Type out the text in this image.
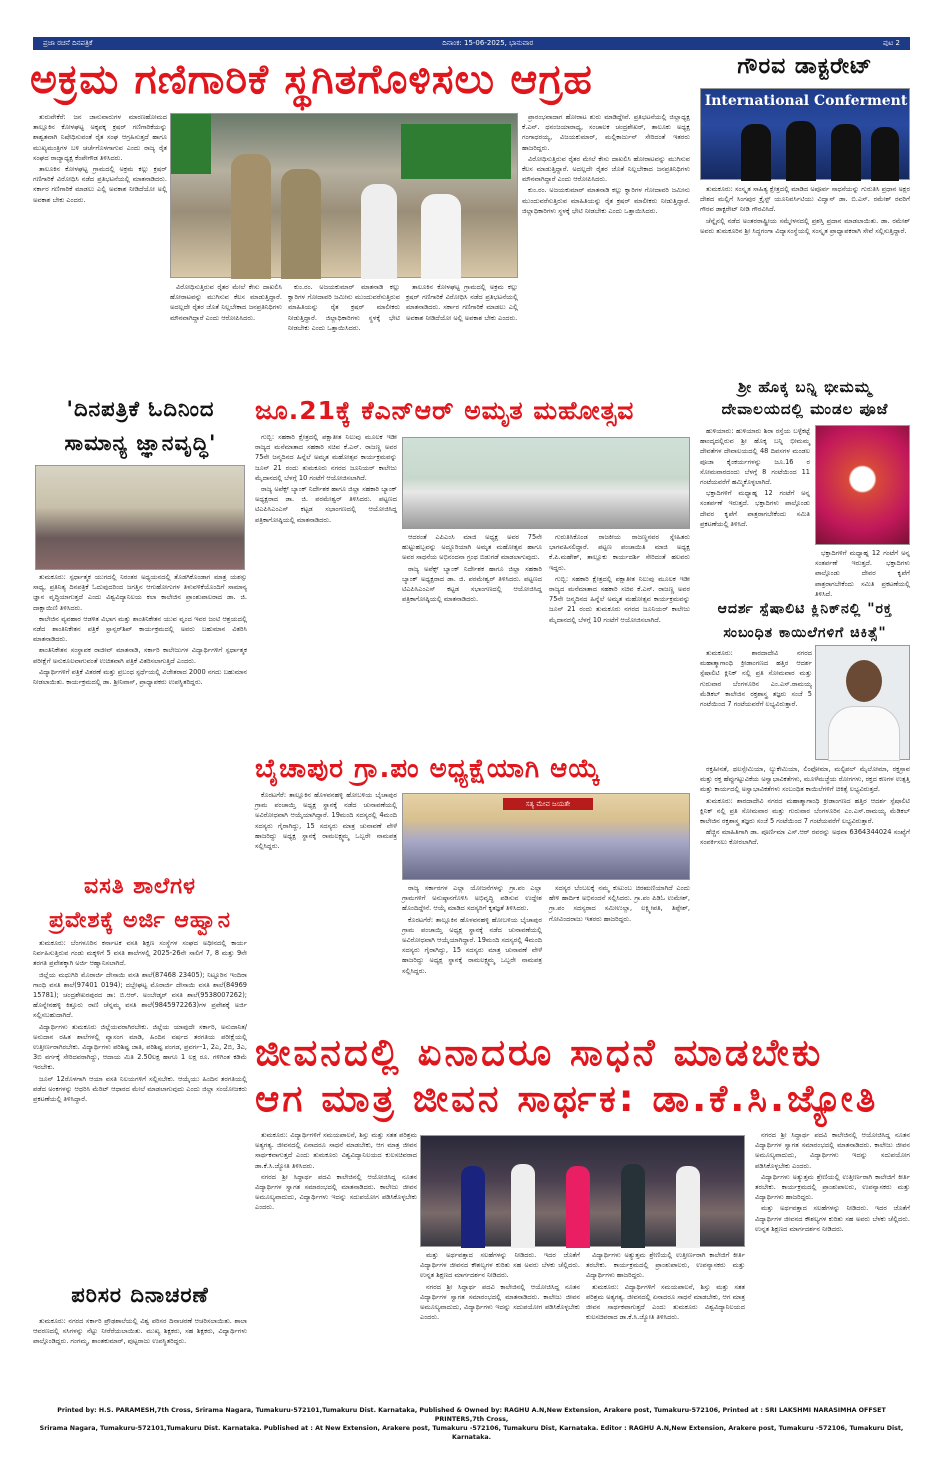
ಪ್ರಜಾ ರಚನೆ ದಿನಪತ್ರಿಕೆ	ದಿನಾಂಕ: 15-06-2025, ಭಾನುವಾರ	ಪುಟ 2
ಅಕ್ರಮ ಗಣಿಗಾರಿಕೆ ಸ್ಥಗಿತಗೊಳಿಸಲು ಆಗ್ರಹ

ತುರುವೇಕೆರೆ: ಜನ ಜಾನುವಾರುಗಳ ಮಾರಣಹೋಮದ ತಾಲ್ಲೂಕಿನ ಕೋಳಘಟ್ಟ ಅಕ್ಕಪಕ್ಕ ಕ್ರಷರ್ ಗಣಿಗಾರಿಕೆಯನ್ನು ಶಾಶ್ವತವಾಗಿ ನಿಷೇಧಿಸುವಂತೆ ರೈತ ಸಂಘ ಆಗ್ರಹಿಸುತ್ತದೆ ಹಾಗೂ ಮುಖ್ಯಮಂತ್ರಿಗಳ ಬಳಿ ಚರ್ಚೆಗೊಳಗಾಗುವ ಎಂದು ರಾಜ್ಯ ರೈತ ಸಂಘದ ರಾಜ್ಯಾಧ್ಯಕ್ಷ ಕೆಂಪೇಗೌಡ ತಿಳಿಸಿದರು.

ತಾಲೂಕಿನ ಕೋಳಘಟ್ಟ ಗ್ರಾಮದಲ್ಲಿ ಅಕ್ರಮ ಕಲ್ಲು ಕ್ರಷರ್ ಗಣಿಗಾರಿಕೆ ವಿರೋಧಿಸಿ ನಡೆದ ಪ್ರತಿಭಟನೆಯಲ್ಲಿ ಮಾತನಾಡಿದರು. ಸರ್ಕಾರ ಗಣಿಗಾರಿಕೆ ಮಾಡಲು ಎಲ್ಲಿ ಅವಕಾಶ ನೀಡಿದೆಯೋ ಅಲ್ಲಿ ಅವಕಾಶ ಬೇಕು ಎಂದರು.

ವಿರೋಧಿಸುತ್ತಿರುವ ರೈತರ ಮೇಲೆ ಕೇಸು ದಾಖಲಿಸಿ ಹೋರಾಟವನ್ನು ಮುಗಿಸುವ ಕೆಲಸ ಮಾಡುತ್ತಿದ್ದಾರೆ. ಅದಲ್ಲದೇ ರೈತರ ಜೊತೆ ನಿಲ್ಲಬೇಕಾದ ಜನಪ್ರತಿನಿಧಿಗಳು ಮೌನವಾಗಿದ್ದಾರೆ ಎಂದು ಆರೋಪಿಸಿದರು.

ಕುಂ.ರಂ. ಅಜಯಕುಮಾರ್ ಮಾತನಾಡಿ ಕಲ್ಲು ಕ್ವಾರಿಗಳ ಗೋದಾವರಿ ಜಮೀನು ಮುಂದುವರೆಸುತ್ತಿರುವ ಮಾಹಿತಿಯನ್ನು ರೈತ ಕ್ರಷರ್ ಮಾಲೀಕರು ನೀಡುತ್ತಿದ್ದಾರೆ. ಜಿಲ್ಲಾಧಿಕಾರಿಗಳು ಸ್ಥಳಕ್ಕೆ ಭೇಟಿ ನೀಡಬೇಕು ಎಂದು ಒತ್ತಾಯಿಸಿದರು.

ತಾಲೂಕಿನ ಕೋಳಘಟ್ಟ ಗ್ರಾಮದಲ್ಲಿ ಅಕ್ರಮ ಕಲ್ಲು ಕ್ರಷರ್ ಗಣಿಗಾರಿಕೆ ವಿರೋಧಿಸಿ ನಡೆದ ಪ್ರತಿಭಟನೆಯಲ್ಲಿ ಮಾತನಾಡಿದರು. ಸರ್ಕಾರ ಗಣಿಗಾರಿಕೆ ಮಾಡಲು ಎಲ್ಲಿ ಅವಕಾಶ ನೀಡಿದೆಯೋ ಅಲ್ಲಿ ಅವಕಾಶ ಬೇಕು ಎಂದರು.

ಪ್ರಾರಂಭವಾದಾಗ ಹೋರಾಟ ಶುರು ಮಾಡಿದ್ದೇವೆ. ಪ್ರತಿಭಟನೆಯಲ್ಲಿ ಜಿಲ್ಲಾಧ್ಯಕ್ಷ ಕೆ.ಎನ್. ಧನಂಜಯಾರಾಧ್ಯ, ಸಂಚಾಲಕ ಚಂದ್ರಶೇಖರ್, ತಾಲೂಕು ಅಧ್ಯಕ್ಷ ಗಂಗಾಧರಯ್ಯ, ವಿಜಯಕುಮಾರ್, ಮಲ್ಲಿಕಾರ್ಜುನ್ ಸೇರಿದಂತೆ ಇತರರು ಹಾಜರಿದ್ದರು.

ವಿರೋಧಿಸುತ್ತಿರುವ ರೈತರ ಮೇಲೆ ಕೇಸು ದಾಖಲಿಸಿ ಹೋರಾಟವನ್ನು ಮುಗಿಸುವ ಕೆಲಸ ಮಾಡುತ್ತಿದ್ದಾರೆ. ಅದಲ್ಲದೇ ರೈತರ ಜೊತೆ ನಿಲ್ಲಬೇಕಾದ ಜನಪ್ರತಿನಿಧಿಗಳು ಮೌನವಾಗಿದ್ದಾರೆ ಎಂದು ಆರೋಪಿಸಿದರು.

ಕುಂ.ರಂ. ಅಜಯಕುಮಾರ್ ಮಾತನಾಡಿ ಕಲ್ಲು ಕ್ವಾರಿಗಳ ಗೋದಾವರಿ ಜಮೀನು ಮುಂದುವರೆಸುತ್ತಿರುವ ಮಾಹಿತಿಯನ್ನು ರೈತ ಕ್ರಷರ್ ಮಾಲೀಕರು ನೀಡುತ್ತಿದ್ದಾರೆ. ಜಿಲ್ಲಾಧಿಕಾರಿಗಳು ಸ್ಥಳಕ್ಕೆ ಭೇಟಿ ನೀಡಬೇಕು ಎಂದು ಒತ್ತಾಯಿಸಿದರು.

ಗೌರವ ಡಾಕ್ಟರೇಟ್
International Conferment

ತುಮಕೂರು: ಸಂಸ್ಕೃತ ಸಾಹಿತ್ಯ ಕ್ಷೇತ್ರದಲ್ಲಿ ಮಾಡಿದ ಅಪೂರ್ವ ಸಾಧನೆಯನ್ನು ಗುರುತಿಸಿ ಪ್ರಧಾನ ಅಕ್ಷರ ದೇಶದ ಮಲ್ಲಿಗೆ ಸಿಂಗಪುರ ಕ್ರೈಸ್ಟ್ ಯೂನಿವರ್ಸಿಟಿಯು ವಿದ್ವಾನ್ ಡಾ. ಬಿ.ಎಸ್. ರಮೇಶ್ ರವರಿಗೆ ಗೌರವ ಡಾಕ್ಟರೇಟ್ ನೀಡಿ ಗೌರವಿಸಿದೆ.

ಚೆನ್ನೈನಲ್ಲಿ ನಡೆದ ಅಂತರರಾಷ್ಟ್ರೀಯ ಸಮ್ಮೇಳನದಲ್ಲಿ ಪ್ರಶಸ್ತಿ ಪ್ರದಾನ ಮಾಡಲಾಯಿತು. ಡಾ. ರಮೇಶ್ ಅವರು ತುಮಕೂರಿನ ಶ್ರೀ ಸಿದ್ಧಗಂಗಾ ವಿದ್ಯಾಸಂಸ್ಥೆಯಲ್ಲಿ ಸಂಸ್ಕೃತ ಪ್ರಾಧ್ಯಾಪಕರಾಗಿ ಸೇವೆ ಸಲ್ಲಿಸುತ್ತಿದ್ದಾರೆ.

ಶ್ರೀ ಹೊಕ್ಕ ಬನ್ನಿ ಭೀಮಮ್ಮ
ದೇವಾಲಯದಲ್ಲಿ ಮಂಡಲ ಪೂಜೆ

ಹುಳಿಯಾರು: ಹುಳಿಯಾರು ಶಿರಾ ರಸ್ತೆಯ ಬಳ್ಳೆಕಟ್ಟೆ ಹಾಂದ್ಕದಲ್ಲಿರುವ ಶ್ರೀ ಹೊಕ್ಕ ಬನ್ನಿ ಭೀಮಮ್ಮ ದೇವತೆಗಳ ದೇವಾಲಯದಲ್ಲಿ 48 ದಿವಸಗಳ ಮಂಡಲ ಪೂಜಾ ಕೈಂಕರ್ಯಗಳನ್ನು ಜೂ.16 ರ ಸೋಮವಾರದಂದು ಬೆಳಗ್ಗೆ 8 ಗಂಟೆಯಿಂದ 11 ಗಂಟೆಯವರೆಗೆ ಹಮ್ಮಿಕೊಳ್ಳಲಾಗಿದೆ.

ಭಕ್ತಾದಿಗಳಿಗೆ ಮಧ್ಯಾಹ್ನ 12 ಗಂಟೆಗೆ ಅನ್ನ ಸಂತರ್ಪಣೆ ಇರುತ್ತದೆ. ಭಕ್ತಾದಿಗಳು ಪಾಲ್ಗೊಂಡು ದೇವರ ಕೃಪೆಗೆ ಪಾತ್ರರಾಗಬೇಕೆಂದು ಸಮಿತಿ ಪ್ರಕಟಣೆಯಲ್ಲಿ ತಿಳಿಸಿದೆ.

ಭಕ್ತಾದಿಗಳಿಗೆ ಮಧ್ಯಾಹ್ನ 12 ಗಂಟೆಗೆ ಅನ್ನ ಸಂತರ್ಪಣೆ ಇರುತ್ತದೆ. ಭಕ್ತಾದಿಗಳು ಪಾಲ್ಗೊಂಡು ದೇವರ ಕೃಪೆಗೆ ಪಾತ್ರರಾಗಬೇಕೆಂದು ಸಮಿತಿ ಪ್ರಕಟಣೆಯಲ್ಲಿ ತಿಳಿಸಿದೆ.

'ದಿನಪತ್ರಿಕೆ ಓದಿನಿಂದ
ಸಾಮಾನ್ಯ ಜ್ಞಾನವೃದ್ಧಿ'

ತುಮಕೂರು: ಸ್ಪರ್ಧಾತ್ಮಕ ಯುಗದಲ್ಲಿ ನಿರಂತರ ಅಧ್ಯಯನದಲ್ಲಿ ತೊಡಗಿಕೊಂಡಾಗ ಮಾತ್ರ ಯಶಸ್ಸು ಸಾಧ್ಯ, ಪ್ರತಿನಿತ್ಯ ದಿನಪತ್ರಿಕೆ ಓದುವುದರಿಂದ ಜಗತ್ತಿನ ಆಗುಹೋಗುಗಳ ತಿಳುವಳಿಕೆಯೊಂದಿಗೆ ಸಾಮಾನ್ಯ ಜ್ಞಾನ ವೃದ್ಧಿಯಾಗುತ್ತದೆ ಎಂದು ವಿಶ್ವವಿದ್ಯಾನಿಲಯ ಕಲಾ ಕಾಲೇಜಿನ ಪ್ರಾಂಶುಪಾಲರಾದ ಡಾ. ಜಿ. ದಾಕ್ಷಾಯಿಣಿ ತಿಳಿಸಿದರು.

ಕಾಲೇಜಿನ ವ್ಯವಹಾರ ಆಡಳಿತ ವಿಭಾಗ ಮತ್ತು ಶಾಂತಿನಿಕೇತನ ಯುವ ವೃಂದ ಇವರ ಜಂಟಿ ಆಶ್ರಯದಲ್ಲಿ ನಡೆದ ಶಾಂತಿನಿಕೇತನ ಪತ್ರಿಕೆ ಸ್ಪಾನ್ಸರ್‌ಶಿಪ್ ಕಾರ್ಯಕ್ರಮದಲ್ಲಿ ಅವರು ಬಹುಮಾನ ವಿತರಿಸಿ ಮಾತನಾಡಿದರು.

ಶಾಂತಿನಿಕೇತನ ಸಂಸ್ಥಾಪಕ ರಾಜೀವ್ ಮಾತನಾಡಿ, ಸರ್ಕಾರಿ ಕಾಲೇಜುಗಳ ವಿದ್ಯಾರ್ಥಿಗಳಿಗೆ ಸ್ಪರ್ಧಾತ್ಮಕ ಪರೀಕ್ಷೆಗೆ ಅನುಕೂಲವಾಗುವಂತೆ ಉಚಿತವಾಗಿ ಪತ್ರಿಕೆ ವಿತರಿಸಲಾಗುತ್ತಿದೆ ಎಂದರು.

ವಿದ್ಯಾರ್ಥಿಗಳಿಗೆ ಪತ್ರಿಕೆ ವಿತರಣೆ ಮತ್ತು ಪ್ರಬಂಧ ಸ್ಪರ್ಧೆಯಲ್ಲಿ ವಿಜೇತರಾದ 2000 ನಗದು ಬಹುಮಾನ ನೀಡಲಾಯಿತು. ಕಾರ್ಯಕ್ರಮದಲ್ಲಿ ಡಾ. ಶ್ರೀನಿವಾಸ್, ಪ್ರಾಧ್ಯಾಪಕರು ಉಪಸ್ಥಿತರಿದ್ದರು.

ಜೂ.21ಕ್ಕೆ ಕೆಎನ್‌ಆರ್ ಅಮೃತ ಮಹೋತ್ಸವ

ಗುಬ್ಬಿ: ಸಹಕಾರಿ ಕ್ಷೇತ್ರದಲ್ಲಿ ಪಕ್ಷಾತೀತ ನಿಲುವು ಮೂಲಕ ಇಡೀ ರಾಜ್ಯದ ಮನೆಮಾತಾದ ಸಹಕಾರಿ ಸಚಿವ ಕೆ.ಎನ್. ರಾಜಣ್ಣ ಅವರ 75ನೇ ಜನ್ಮದಿನದ ಹಿನ್ನೆಲೆ ಅಮೃತ ಮಹೋತ್ಸವ ಕಾರ್ಯಕ್ರಮವನ್ನು ಜೂನ್ 21 ರಂದು ತುಮಕೂರು ನಗರದ ಜೂನಿಯರ್ ಕಾಲೇಜು ಮೈದಾನದಲ್ಲಿ ಬೆಳಗ್ಗೆ 10 ಗಂಟೆಗೆ ಆಯೋಜಿಸಲಾಗಿದೆ.

ರಾಜ್ಯ ಅಪೆಕ್ಸ್ ಬ್ಯಾಂಕ್ ನಿರ್ದೇಶಕ ಹಾಗೂ ಜಿಲ್ಲಾ ಸಹಕಾರಿ ಬ್ಯಾಂಕ್ ಅಧ್ಯಕ್ಷರಾದ ಡಾ. ಜಿ. ಪರಮೇಶ್ವರ್ ತಿಳಿಸಿದರು. ಪಟ್ಟಣದ ಟಿಎಪಿಸಿಎಂಎಸ್ ಕಟ್ಟಡ ಸಭಾಂಗಣದಲ್ಲಿ ಆಯೋಜಿಸಿದ್ದ ಪತ್ರಿಕಾಗೋಷ್ಠಿಯಲ್ಲಿ ಮಾತನಾಡಿದರು.

ಆದರಂತೆ ಎಪಿಎಂಸಿ ಮಾಜಿ ಅಧ್ಯಕ್ಷ ಅವರ 75ನೇ ಹುಟ್ಟುಹಬ್ಬವನ್ನು ಅದ್ದೂರಿಯಾಗಿ ಅಮೃತ ಮಹೋತ್ಸವ ಹಾಗೂ ಅವರ ಸಾಧನೆಯ ಅಭಿನಂದನಾ ಗ್ರಂಥ ಬಿಡುಗಡೆ ಮಾಡಲಾಗುವುದು.

ರಾಜ್ಯ ಅಪೆಕ್ಸ್ ಬ್ಯಾಂಕ್ ನಿರ್ದೇಶಕ ಹಾಗೂ ಜಿಲ್ಲಾ ಸಹಕಾರಿ ಬ್ಯಾಂಕ್ ಅಧ್ಯಕ್ಷರಾದ ಡಾ. ಜಿ. ಪರಮೇಶ್ವರ್ ತಿಳಿಸಿದರು. ಪಟ್ಟಣದ ಟಿಎಪಿಸಿಎಂಎಸ್ ಕಟ್ಟಡ ಸಭಾಂಗಣದಲ್ಲಿ ಆಯೋಜಿಸಿದ್ದ ಪತ್ರಿಕಾಗೋಷ್ಠಿಯಲ್ಲಿ ಮಾತನಾಡಿದರು.

ಗುರುತಿಸಿಕೊಂಡ ರಾಜಕೀಯ ರಾಜಣ್ಣನವರ ಸ್ನೇಹಿತರು ಭಾಗವಹಿಸಲಿದ್ದಾರೆ. ಪಟ್ಟಣ ಪಂಚಾಯಿತಿ ಮಾಜಿ ಅಧ್ಯಕ್ಷ ಕೆ.ಪಿ.ಮಹೇಶ್, ತಾಲ್ಲೂಕು ಕಾರ್ಯದರ್ಶಿ ಸೇರಿದಂತೆ ಹಲವರು ಇದ್ದರು.

ಗುಬ್ಬಿ: ಸಹಕಾರಿ ಕ್ಷೇತ್ರದಲ್ಲಿ ಪಕ್ಷಾತೀತ ನಿಲುವು ಮೂಲಕ ಇಡೀ ರಾಜ್ಯದ ಮನೆಮಾತಾದ ಸಹಕಾರಿ ಸಚಿವ ಕೆ.ಎನ್. ರಾಜಣ್ಣ ಅವರ 75ನೇ ಜನ್ಮದಿನದ ಹಿನ್ನೆಲೆ ಅಮೃತ ಮಹೋತ್ಸವ ಕಾರ್ಯಕ್ರಮವನ್ನು ಜೂನ್ 21 ರಂದು ತುಮಕೂರು ನಗರದ ಜೂನಿಯರ್ ಕಾಲೇಜು ಮೈದಾನದಲ್ಲಿ ಬೆಳಗ್ಗೆ 10 ಗಂಟೆಗೆ ಆಯೋಜಿಸಲಾಗಿದೆ.

ಆದರ್ಶ ಸ್ಪೆಷಾಲಿಟಿ ಕ್ಲಿನಿಕ್‌ನಲ್ಲಿ "ರಕ್ತ
ಸಂಬಂಧಿತ ಕಾಯಿಲೆಗಳಿಗೆ ಚಿಕಿತ್ಸೆ"

ತುಮಕೂರು: ಶಾರದಾದೇವಿ ನಗರದ ಮಹಾತ್ಮಾಗಾಂಧಿ ಕ್ರೀಡಾಂಗಣದ ಹತ್ತಿರ ಆದರ್ಶ ಸ್ಪೆಷಾಲಿಟಿ ಕ್ಲಿನಿಕ್ ನಲ್ಲಿ ಪ್ರತಿ ಸೋಮವಾರ ಮತ್ತು ಗುರುವಾರ ಬೆಂಗಳೂರಿನ ಎಂ.ಎಸ್.ರಾಮಯ್ಯ ಮೆಡಿಕಲ್ ಕಾಲೇಜಿನ ರಕ್ತಶಾಸ್ತ್ರ ತಜ್ಞರು ಸಂಜೆ 5 ಗಂಟೆಯಿಂದ 7 ಗಂಟೆಯವರೆಗೆ ಲಭ್ಯವಿರುತ್ತಾರೆ.

ರಕ್ತಹೀನತೆ, ಥಲಸ್ಸೇಮಿಯಾ, ಲ್ಯುಕೇಮಿಯಾ, ಲಿಂಫೋಮಾ, ಮಲ್ಟಿಪಲ್ ಮೈಲೋಮಾ, ರಕ್ತಸ್ರಾವ ಮತ್ತು ರಕ್ತ ಹೆಪ್ಪುಗಟ್ಟುವಿಕೆಯ ಅಸ್ವಾಭಾವಿಕತೆಗಳು, ಮೂಳೆಮಜ್ಜೆಯ ರೋಗಗಳು, ರಕ್ತದ ಕಣಗಳ ಉತ್ಪತ್ತಿ ಮತ್ತು ಕಾರ್ಯದಲ್ಲಿ ಅಸ್ವಾಭಾವಿಕತೆಗಳು ಸಂಬಂಧಿತ ಕಾಯಿಲೆಗಳಿಗೆ ಚಿಕಿತ್ಸೆ ಲಭ್ಯವಿರುತ್ತದೆ.

ತುಮಕೂರು: ಶಾರದಾದೇವಿ ನಗರದ ಮಹಾತ್ಮಾಗಾಂಧಿ ಕ್ರೀಡಾಂಗಣದ ಹತ್ತಿರ ಆದರ್ಶ ಸ್ಪೆಷಾಲಿಟಿ ಕ್ಲಿನಿಕ್ ನಲ್ಲಿ ಪ್ರತಿ ಸೋಮವಾರ ಮತ್ತು ಗುರುವಾರ ಬೆಂಗಳೂರಿನ ಎಂ.ಎಸ್.ರಾಮಯ್ಯ ಮೆಡಿಕಲ್ ಕಾಲೇಜಿನ ರಕ್ತಶಾಸ್ತ್ರ ತಜ್ಞರು ಸಂಜೆ 5 ಗಂಟೆಯಿಂದ 7 ಗಂಟೆಯವರೆಗೆ ಲಭ್ಯವಿರುತ್ತಾರೆ.

ಹೆಚ್ಚಿನ ಮಾಹಿತಿಗಾಗಿ ಡಾ. ಪೂರ್ಣಿಮಾ ಎಸ್.ಆರ್ ರವರನ್ನು ಅಥವಾ 6364344024 ಸಂಖ್ಯೆಗೆ ಸಂಪರ್ಕಿಸಲು ಕೋರಲಾಗಿದೆ.

ಬೈಚಾಪುರ ಗ್ರಾ.ಪಂ ಅಧ್ಯಕ್ಷೆಯಾಗಿ ಆಯ್ಕೆ

ಕೊರಟಗೆರೆ: ತಾಲ್ಲೂಕಿನ ಹೊಳವನಹಳ್ಳಿ ಹೋಬಳಿಯ ಬೈಚಾಪುರ ಗ್ರಾಮ ಪಂಚಾಯ್ತಿ ಅಧ್ಯಕ್ಷ ಸ್ಥಾನಕ್ಕೆ ನಡೆದ ಚುನಾವಣೆಯಲ್ಲಿ ಅವಿರೋಧವಾಗಿ ಆಯ್ಕೆಯಾಗಿದ್ದಾರೆ. 19ಮಂದಿ ಸದಸ್ಯರಲ್ಲಿ 4ಮಂದಿ ಸದಸ್ಯರು ಗೈರಾಗಿದ್ದು, 15 ಸದಸ್ಯರು ಮಾತ್ರ ಚುನಾವಣೆ ವೇಳೆ ಹಾಜರಿದ್ದು ಅಧ್ಯಕ್ಷ ಸ್ಥಾನಕ್ಕೆ ರಾಮಲಕ್ಷ್ಮಮ್ಮ ಒಬ್ಬರೇ ನಾಮಪತ್ರ ಸಲ್ಲಿಸಿದ್ದರು.

ಸತ್ಯ ಮೇವ ಜಯತೇ

ರಾಜ್ಯ ಸರ್ಕಾರಗಳ ಎಲ್ಲಾ ಯೋಜನೆಗಳನ್ನು ಗ್ರಾ.ಪಂ ಎಲ್ಲಾ ಗ್ರಾಮಗಳಿಗೆ ಅನುಷ್ಠಾನಗೊಳಿಸಿ ಅಭಿವೃದ್ಧಿ ಪಡಿಸುವ ಉದ್ದೇಶ ಹೊಂದಿದ್ದೇನೆ. ಆಯ್ಕೆ ಮಾಡಿದ ಸದಸ್ಯರಿಗೆ ಕೃತಜ್ಞತೆ ತಿಳಿಸಿದರು.

ಕೊರಟಗೆರೆ: ತಾಲ್ಲೂಕಿನ ಹೊಳವನಹಳ್ಳಿ ಹೋಬಳಿಯ ಬೈಚಾಪುರ ಗ್ರಾಮ ಪಂಚಾಯ್ತಿ ಅಧ್ಯಕ್ಷ ಸ್ಥಾನಕ್ಕೆ ನಡೆದ ಚುನಾವಣೆಯಲ್ಲಿ ಅವಿರೋಧವಾಗಿ ಆಯ್ಕೆಯಾಗಿದ್ದಾರೆ. 19ಮಂದಿ ಸದಸ್ಯರಲ್ಲಿ 4ಮಂದಿ ಸದಸ್ಯರು ಗೈರಾಗಿದ್ದು, 15 ಸದಸ್ಯರು ಮಾತ್ರ ಚುನಾವಣೆ ವೇಳೆ ಹಾಜರಿದ್ದು ಅಧ್ಯಕ್ಷ ಸ್ಥಾನಕ್ಕೆ ರಾಮಲಕ್ಷ್ಮಮ್ಮ ಒಬ್ಬರೇ ನಾಮಪತ್ರ ಸಲ್ಲಿಸಿದ್ದರು.

ಸದಸ್ಯರ ಬೆಂಬಲಕ್ಕೆ ನಮ್ಮ ಕುಟುಂಬ ಚಿರಋಣಿಯಾಗಿದೆ ಎಂದು ಹೇಳಿ ಹಾರ್ದಿಕ ಅಭಿನಂದನೆ ಸಲ್ಲಿಸಿದರು. ಗ್ರಾ.ಪಂ ಪಿಡಿಓ ಉಮೇಶ್, ಗ್ರಾ.ಪಂ ಸದಸ್ಯರಾದ ಸಮೀಉಲ್ಲಾ, ಲಕ್ಷ್ಮೀಪತಿ, ತಿಪ್ಪೇಶ್, ಗೋವಿಂದರಾಜು ಇತರರು ಹಾಜರಿದ್ದರು.

ವಸತಿ ಶಾಲೆಗಳ
ಪ್ರವೇಶಕ್ಕೆ ಅರ್ಜಿ ಆಹ್ವಾನ

ತುಮಕೂರು: ಬೆಂಗಳೂರಿನ ಕರ್ನಾಟಕ ವಸತಿ ಶಿಕ್ಷಣ ಸಂಸ್ಥೆಗಳ ಸಂಘದ ಅಧೀನದಲ್ಲಿ ಕಾರ್ಯ ನಿರ್ವಹಿಸುತ್ತಿರುವ ಗಂಡು ಮಕ್ಕಳಿಗೆ 5 ವಸತಿ ಶಾಲೆಗಳಲ್ಲಿ 2025-26ನೇ ಸಾಲಿಗೆ 7, 8 ಮತ್ತು 9ನೇ ತರಗತಿ ಪ್ರವೇಶಕ್ಕಾಗಿ ಅರ್ಜಿ ಆಹ್ವಾನಿಸಲಾಗಿದೆ.

ಜಿಲ್ಲೆಯ ಮಧುಗಿರಿ ಮೊರಾರ್ಜಿ ದೇಸಾಯಿ ವಸತಿ ಶಾಲೆ(87468 23405); ನಿಟ್ಟೂರಿನ ಇಂದಿರಾ ಗಾಂಧಿ ವಸತಿ ಶಾಲೆ(97401 0194); ದಬ್ಬೇಘಟ್ಟ ಮೊರಾರ್ಜಿ ದೇಸಾಯಿ ವಸತಿ ಶಾಲೆ(84969 15781); ಚಂದ್ರಶೇಖರಪುರದ ಡಾ: ಬಿ.ಆರ್. ಅಂಬೇಡ್ಕರ್ ವಸತಿ ಶಾಲೆ(9538007262); ಹೊನ್ನೇನಹಳ್ಳಿ ಕಿತ್ತೂರು ರಾಣಿ ಚೆನ್ನಮ್ಮ ವಸತಿ ಶಾಲೆ(9845972263)ಗಳ ಪ್ರವೇಶಕ್ಕೆ ಅರ್ಜಿ ಸಲ್ಲಿಸಬಹುದಾಗಿದೆ.

ವಿದ್ಯಾರ್ಥಿಗಳು ತುಮಕೂರು ಜಿಲ್ಲೆಯವರಾಗಿರಬೇಕು. ಜಿಲ್ಲೆಯ ಯಾವುದೇ ಸರ್ಕಾರಿ, ಅನುದಾನಿತ/ಅನುದಾನ ರಹಿತ ಶಾಲೆಗಳಲ್ಲಿ ವ್ಯಾಸಂಗ ಮಾಡಿ, ಹಿಂದಿನ ವರ್ಷದ ತರಗತಿಯ ಪರೀಕ್ಷೆಯಲ್ಲಿ ಉತ್ತೀರ್ಣರಾಗಿರಬೇಕು. ವಿದ್ಯಾರ್ಥಿಗಳು ಪರಿಶಿಷ್ಟ ಜಾತಿ, ಪರಿಶಿಷ್ಟ ಪಂಗಡ, ಪ್ರವರ್ಗ-1, 2ಎ, 2ಬಿ, 3ಎ, 3ಬಿ ವರ್ಗಕ್ಕೆ ಸೇರಿದವರಾಗಿದ್ದು, ಆದಾಯ ಮಿತಿ 2.50ಲಕ್ಷ ಹಾಗೂ 1 ಲಕ್ಷ ರೂ. ಗಳಿಗಿಂತ ಕಡಿಮೆ ಇರಬೇಕು.

ಜೂನ್ 12ರೊಳಗಾಗಿ ಆಯಾ ವಸತಿ ನಿಲಯಗಳಿಗೆ ಸಲ್ಲಿಸಬೇಕು. ಆಯ್ಕೆಯು ಹಿಂದಿನ ತರಗತಿಯಲ್ಲಿ ಪಡೆದ ಅಂಕಗಳನ್ನು ಆಧರಿಸಿ ಮೆರಿಟ್ ಆಧಾರದ ಮೇಲೆ ಮಾಡಲಾಗುವುದು ಎಂದು ಜಿಲ್ಲಾ ಸಂಯೋಜಕರು ಪ್ರಕಟಣೆಯಲ್ಲಿ ತಿಳಿಸಿದ್ದಾರೆ.

ಜೀವನದಲ್ಲಿ ಏನಾದರೂ ಸಾಧನೆ ಮಾಡಬೇಕು
ಆಗ ಮಾತ್ರ ಜೀವನ ಸಾರ್ಥಕ: ಡಾ.ಕೆ.ಸಿ.ಜ್ಯೋತಿ

ತುಮಕೂರು: ವಿದ್ಯಾರ್ಥಿಗಳಿಗೆ ಸಮಯಪಾಲನೆ, ಶಿಸ್ತು ಮತ್ತು ಸತತ ಪರಿಶ್ರಮ ಅತ್ಯಗತ್ಯ. ಜೀವನದಲ್ಲಿ ಏನಾದರೂ ಸಾಧನೆ ಮಾಡಬೇಕು, ಆಗ ಮಾತ್ರ ಜೀವನ ಸಾರ್ಥಕವಾಗುತ್ತದೆ ಎಂದು ತುಮಕೂರು ವಿಶ್ವವಿದ್ಯಾನಿಲಯದ ಕುಲಸಚಿವರಾದ ಡಾ.ಕೆ.ಸಿ.ಜ್ಯೋತಿ ತಿಳಿಸಿದರು.

ನಗರದ ಶ್ರೀ ಸಿದ್ಧಾರ್ಥ ಪದವಿ ಕಾಲೇಜಿನಲ್ಲಿ ಆಯೋಜಿಸಿದ್ದ ನೂತನ ವಿದ್ಯಾರ್ಥಿಗಳ ಸ್ವಾಗತ ಸಮಾರಂಭದಲ್ಲಿ ಮಾತನಾಡಿದರು. ಕಾಲೇಜು ಜೀವನ ಅಮೂಲ್ಯವಾದುದು, ವಿದ್ಯಾರ್ಥಿಗಳು ಇದನ್ನು ಸದುಪಯೋಗ ಪಡಿಸಿಕೊಳ್ಳಬೇಕು ಎಂದರು.

ಮತ್ತು ಅರ್ಥವತ್ತಾದ ಸಲಹೆಗಳನ್ನು ನೀಡಿದರು. ಇದರ ಜೊತೆಗೆ ವಿದ್ಯಾರ್ಥಿಗಳ ಜೀವನದ ಕೌಶಲ್ಯಗಳ ಕುರಿತು ಸಹ ಅವರು ಬೆಳಕು ಚೆಲ್ಲಿದರು. ಉನ್ನತ ಶಿಕ್ಷಣದ ಮಾರ್ಗದರ್ಶನ ನೀಡಿದರು.

ನಗರದ ಶ್ರೀ ಸಿದ್ಧಾರ್ಥ ಪದವಿ ಕಾಲೇಜಿನಲ್ಲಿ ಆಯೋಜಿಸಿದ್ದ ನೂತನ ವಿದ್ಯಾರ್ಥಿಗಳ ಸ್ವಾಗತ ಸಮಾರಂಭದಲ್ಲಿ ಮಾತನಾಡಿದರು. ಕಾಲೇಜು ಜೀವನ ಅಮೂಲ್ಯವಾದುದು, ವಿದ್ಯಾರ್ಥಿಗಳು ಇದನ್ನು ಸದುಪಯೋಗ ಪಡಿಸಿಕೊಳ್ಳಬೇಕು ಎಂದರು.

ವಿದ್ಯಾರ್ಥಿಗಳು ಅತ್ಯುತ್ತಮ ಶ್ರೇಣಿಯಲ್ಲಿ ಉತ್ತೀರ್ಣರಾಗಿ ಕಾಲೇಜಿಗೆ ಕೀರ್ತಿ ತರಬೇಕು. ಕಾರ್ಯಕ್ರಮದಲ್ಲಿ ಪ್ರಾಂಶುಪಾಲರು, ಉಪನ್ಯಾಸಕರು ಮತ್ತು ವಿದ್ಯಾರ್ಥಿಗಳು ಹಾಜರಿದ್ದರು.

ತುಮಕೂರು: ವಿದ್ಯಾರ್ಥಿಗಳಿಗೆ ಸಮಯಪಾಲನೆ, ಶಿಸ್ತು ಮತ್ತು ಸತತ ಪರಿಶ್ರಮ ಅತ್ಯಗತ್ಯ. ಜೀವನದಲ್ಲಿ ಏನಾದರೂ ಸಾಧನೆ ಮಾಡಬೇಕು, ಆಗ ಮಾತ್ರ ಜೀವನ ಸಾರ್ಥಕವಾಗುತ್ತದೆ ಎಂದು ತುಮಕೂರು ವಿಶ್ವವಿದ್ಯಾನಿಲಯದ ಕುಲಸಚಿವರಾದ ಡಾ.ಕೆ.ಸಿ.ಜ್ಯೋತಿ ತಿಳಿಸಿದರು.

ನಗರದ ಶ್ರೀ ಸಿದ್ಧಾರ್ಥ ಪದವಿ ಕಾಲೇಜಿನಲ್ಲಿ ಆಯೋಜಿಸಿದ್ದ ನೂತನ ವಿದ್ಯಾರ್ಥಿಗಳ ಸ್ವಾಗತ ಸಮಾರಂಭದಲ್ಲಿ ಮಾತನಾಡಿದರು. ಕಾಲೇಜು ಜೀವನ ಅಮೂಲ್ಯವಾದುದು, ವಿದ್ಯಾರ್ಥಿಗಳು ಇದನ್ನು ಸದುಪಯೋಗ ಪಡಿಸಿಕೊಳ್ಳಬೇಕು ಎಂದರು.

ವಿದ್ಯಾರ್ಥಿಗಳು ಅತ್ಯುತ್ತಮ ಶ್ರೇಣಿಯಲ್ಲಿ ಉತ್ತೀರ್ಣರಾಗಿ ಕಾಲೇಜಿಗೆ ಕೀರ್ತಿ ತರಬೇಕು. ಕಾರ್ಯಕ್ರಮದಲ್ಲಿ ಪ್ರಾಂಶುಪಾಲರು, ಉಪನ್ಯಾಸಕರು ಮತ್ತು ವಿದ್ಯಾರ್ಥಿಗಳು ಹಾಜರಿದ್ದರು.

ಮತ್ತು ಅರ್ಥವತ್ತಾದ ಸಲಹೆಗಳನ್ನು ನೀಡಿದರು. ಇದರ ಜೊತೆಗೆ ವಿದ್ಯಾರ್ಥಿಗಳ ಜೀವನದ ಕೌಶಲ್ಯಗಳ ಕುರಿತು ಸಹ ಅವರು ಬೆಳಕು ಚೆಲ್ಲಿದರು. ಉನ್ನತ ಶಿಕ್ಷಣದ ಮಾರ್ಗದರ್ಶನ ನೀಡಿದರು.

ಪರಿಸರ ದಿನಾಚರಣೆ

ತುಮಕೂರು: ನಗರದ ಸರ್ಕಾರಿ ಪ್ರೌಢಶಾಲೆಯಲ್ಲಿ ವಿಶ್ವ ಪರಿಸರ ದಿನಾಚರಣೆ ಆಚರಿಸಲಾಯಿತು. ಶಾಲಾ ಆವರಣದಲ್ಲಿ ಸಸಿಗಳನ್ನು ನೆಟ್ಟು ನೀರೆರೆಯಲಾಯಿತು. ಮುಖ್ಯ ಶಿಕ್ಷಕರು, ಸಹ ಶಿಕ್ಷಕರು, ವಿದ್ಯಾರ್ಥಿಗಳು ಪಾಲ್ಗೊಂಡಿದ್ದರು. ಗಂಗಮ್ಮ, ಶಾಂತಕುಮಾರ್, ಪುಟ್ಟರಾಜು ಉಪಸ್ಥಿತರಿದ್ದರು.

Printed by: H.S. PARAMESH,7th Cross, Srirama Nagara, Tumakuru-572101,Tumakuru Dist. Karnataka, Published & Owned by: RAGHU A.N,New Extension, Arakere post, Tumakuru-572106, Printed at : SRI LAKSHMI NARASIMHA OFFSET PRINTERS,7th Cross,
Srirama Nagara, Tumakuru-572101,Tumakuru Dist. Karnataka. Published at : At New Extension, Arakere post, Tumakuru -572106, Tumakuru Dist, Karnataka. Editor : RAGHU A.N,New Extension, Arakere post, Tumakuru -572106, Tumakuru Dist, Karnataka.
